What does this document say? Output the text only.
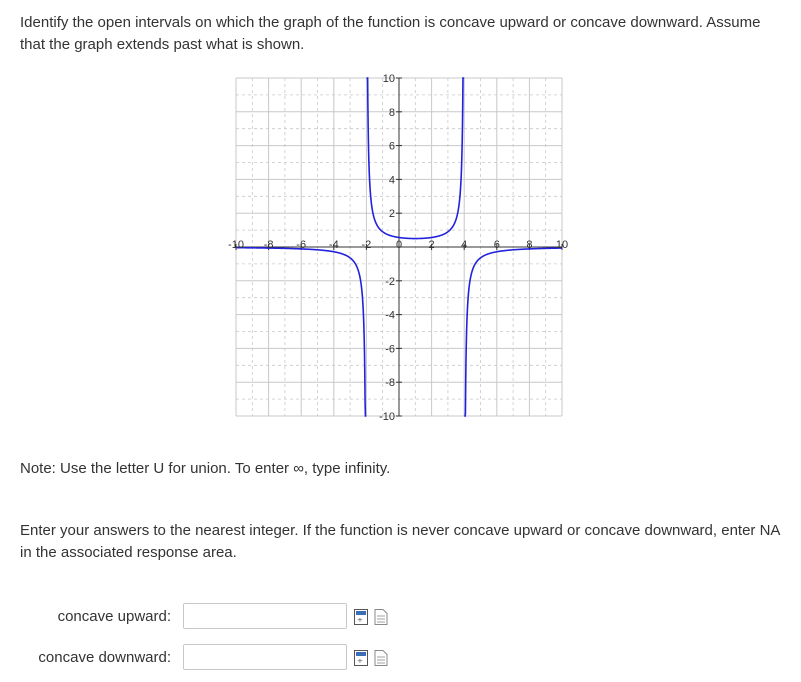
Identify the open intervals on which the graph of the function is concave upward or concave downward. Assume that the graph extends past what is shown.

-10 -8 -6 -4 -2 0 2 4 6 8 10
10
8
6
4
2
-2
-4
-6
-8
-10

Note: Use the letter U for union. To enter ∞, type infinity.

Enter your answers to the nearest integer. If the function is never concave upward or concave downward, enter NA in the associated response area.

concave upward:	÷
concave downward:	÷
